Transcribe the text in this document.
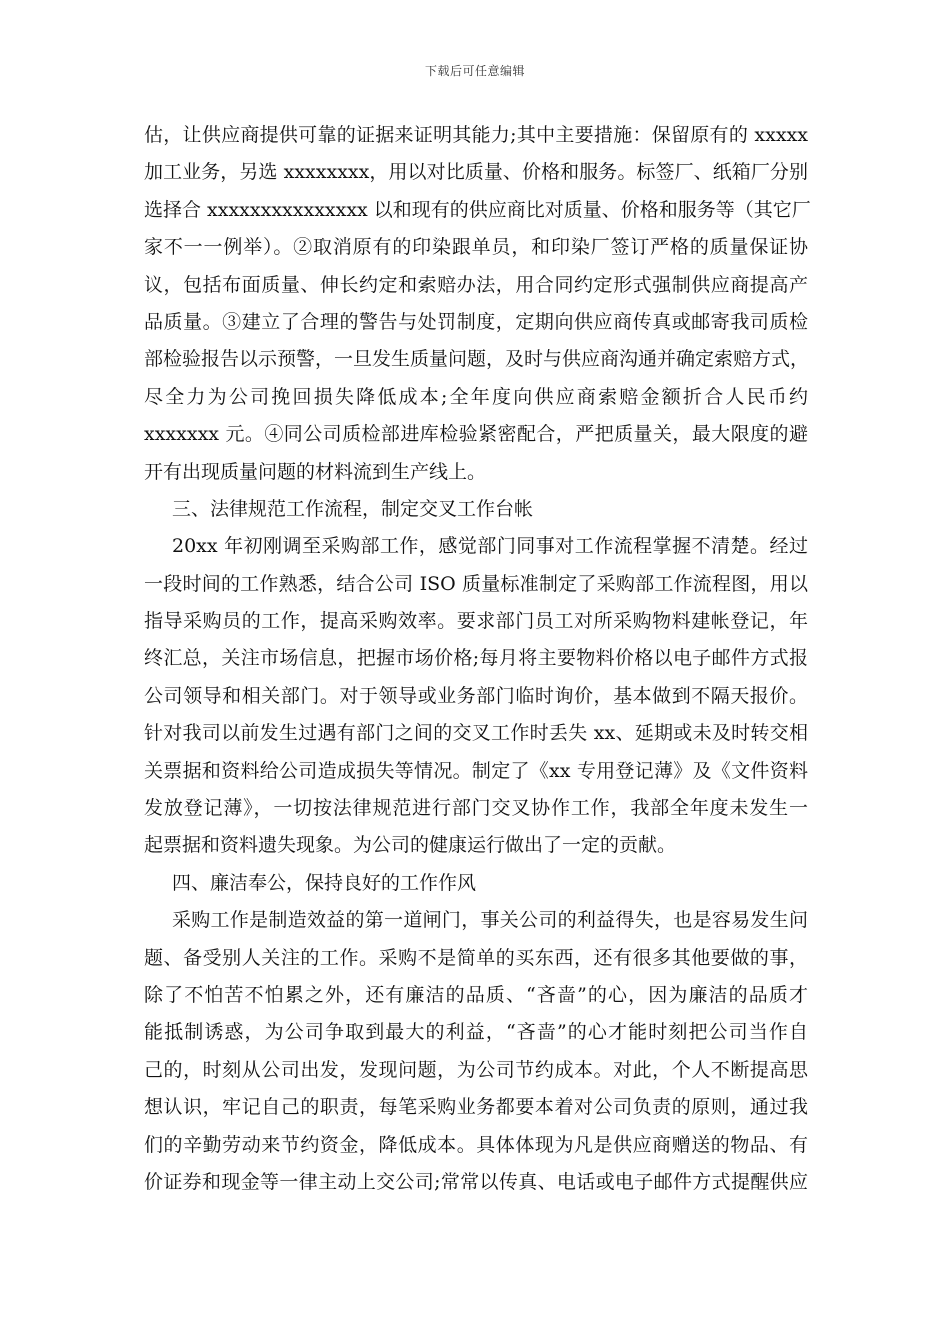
下载后可任意编辑
估，让供应商提供可靠的证据来证明其能力;其中主要措施：保留原有的 xxxxx
加工业务，另选 xxxxxxxx，用以对比质量、价格和服务。标签厂、纸箱厂分别
选择合 xxxxxxxxxxxxxxx 以和现有的供应商比对质量、价格和服务等（其它厂
家不一一例举）。②取消原有的印染跟单员，和印染厂签订严格的质量保证协
议，包括布面质量、伸长约定和索赔办法，用合同约定形式强制供应商提高产
品质量。③建立了合理的警告与处罚制度，定期向供应商传真或邮寄我司质检
部检验报告以示预警，一旦发生质量问题，及时与供应商沟通并确定索赔方式，
尽全力为公司挽回损失降低成本;全年度向供应商索赔金额折合人民币约
xxxxxxx 元。④同公司质检部进库检验紧密配合，严把质量关，最大限度的避
开有出现质量问题的材料流到生产线上。
三、法律规范工作流程，制定交叉工作台帐
20xx 年初刚调至采购部工作，感觉部门同事对工作流程掌握不清楚。经过
一段时间的工作熟悉，结合公司 ISO 质量标准制定了采购部工作流程图，用以
指导采购员的工作，提高采购效率。要求部门员工对所采购物料建帐登记，年
终汇总，关注市场信息，把握市场价格;每月将主要物料价格以电子邮件方式报
公司领导和相关部门。对于领导或业务部门临时询价，基本做到不隔天报价。
针对我司以前发生过遇有部门之间的交叉工作时丢失 xx、延期或未及时转交相
关票据和资料给公司造成损失等情况。制定了《xx 专用登记薄》及《文件资料
发放登记薄》，一切按法律规范进行部门交叉协作工作，我部全年度未发生一
起票据和资料遗失现象。为公司的健康运行做出了一定的贡献。
四、廉洁奉公，保持良好的工作作风
采购工作是制造效益的第一道闸门，事关公司的利益得失，也是容易发生问
题、备受别人关注的工作。采购不是简单的买东西，还有很多其他要做的事，
除了不怕苦不怕累之外，还有廉洁的品质、“吝啬”的心，因为廉洁的品质才
能抵制诱惑，为公司争取到最大的利益，“吝啬”的心才能时刻把公司当作自
己的，时刻从公司出发，发现问题，为公司节约成本。对此，个人不断提高思
想认识，牢记自己的职责，每笔采购业务都要本着对公司负责的原则，通过我
们的辛勤劳动来节约资金，降低成本。具体体现为凡是供应商赠送的物品、有
价证券和现金等一律主动上交公司;常常以传真、电话或电子邮件方式提醒供应
